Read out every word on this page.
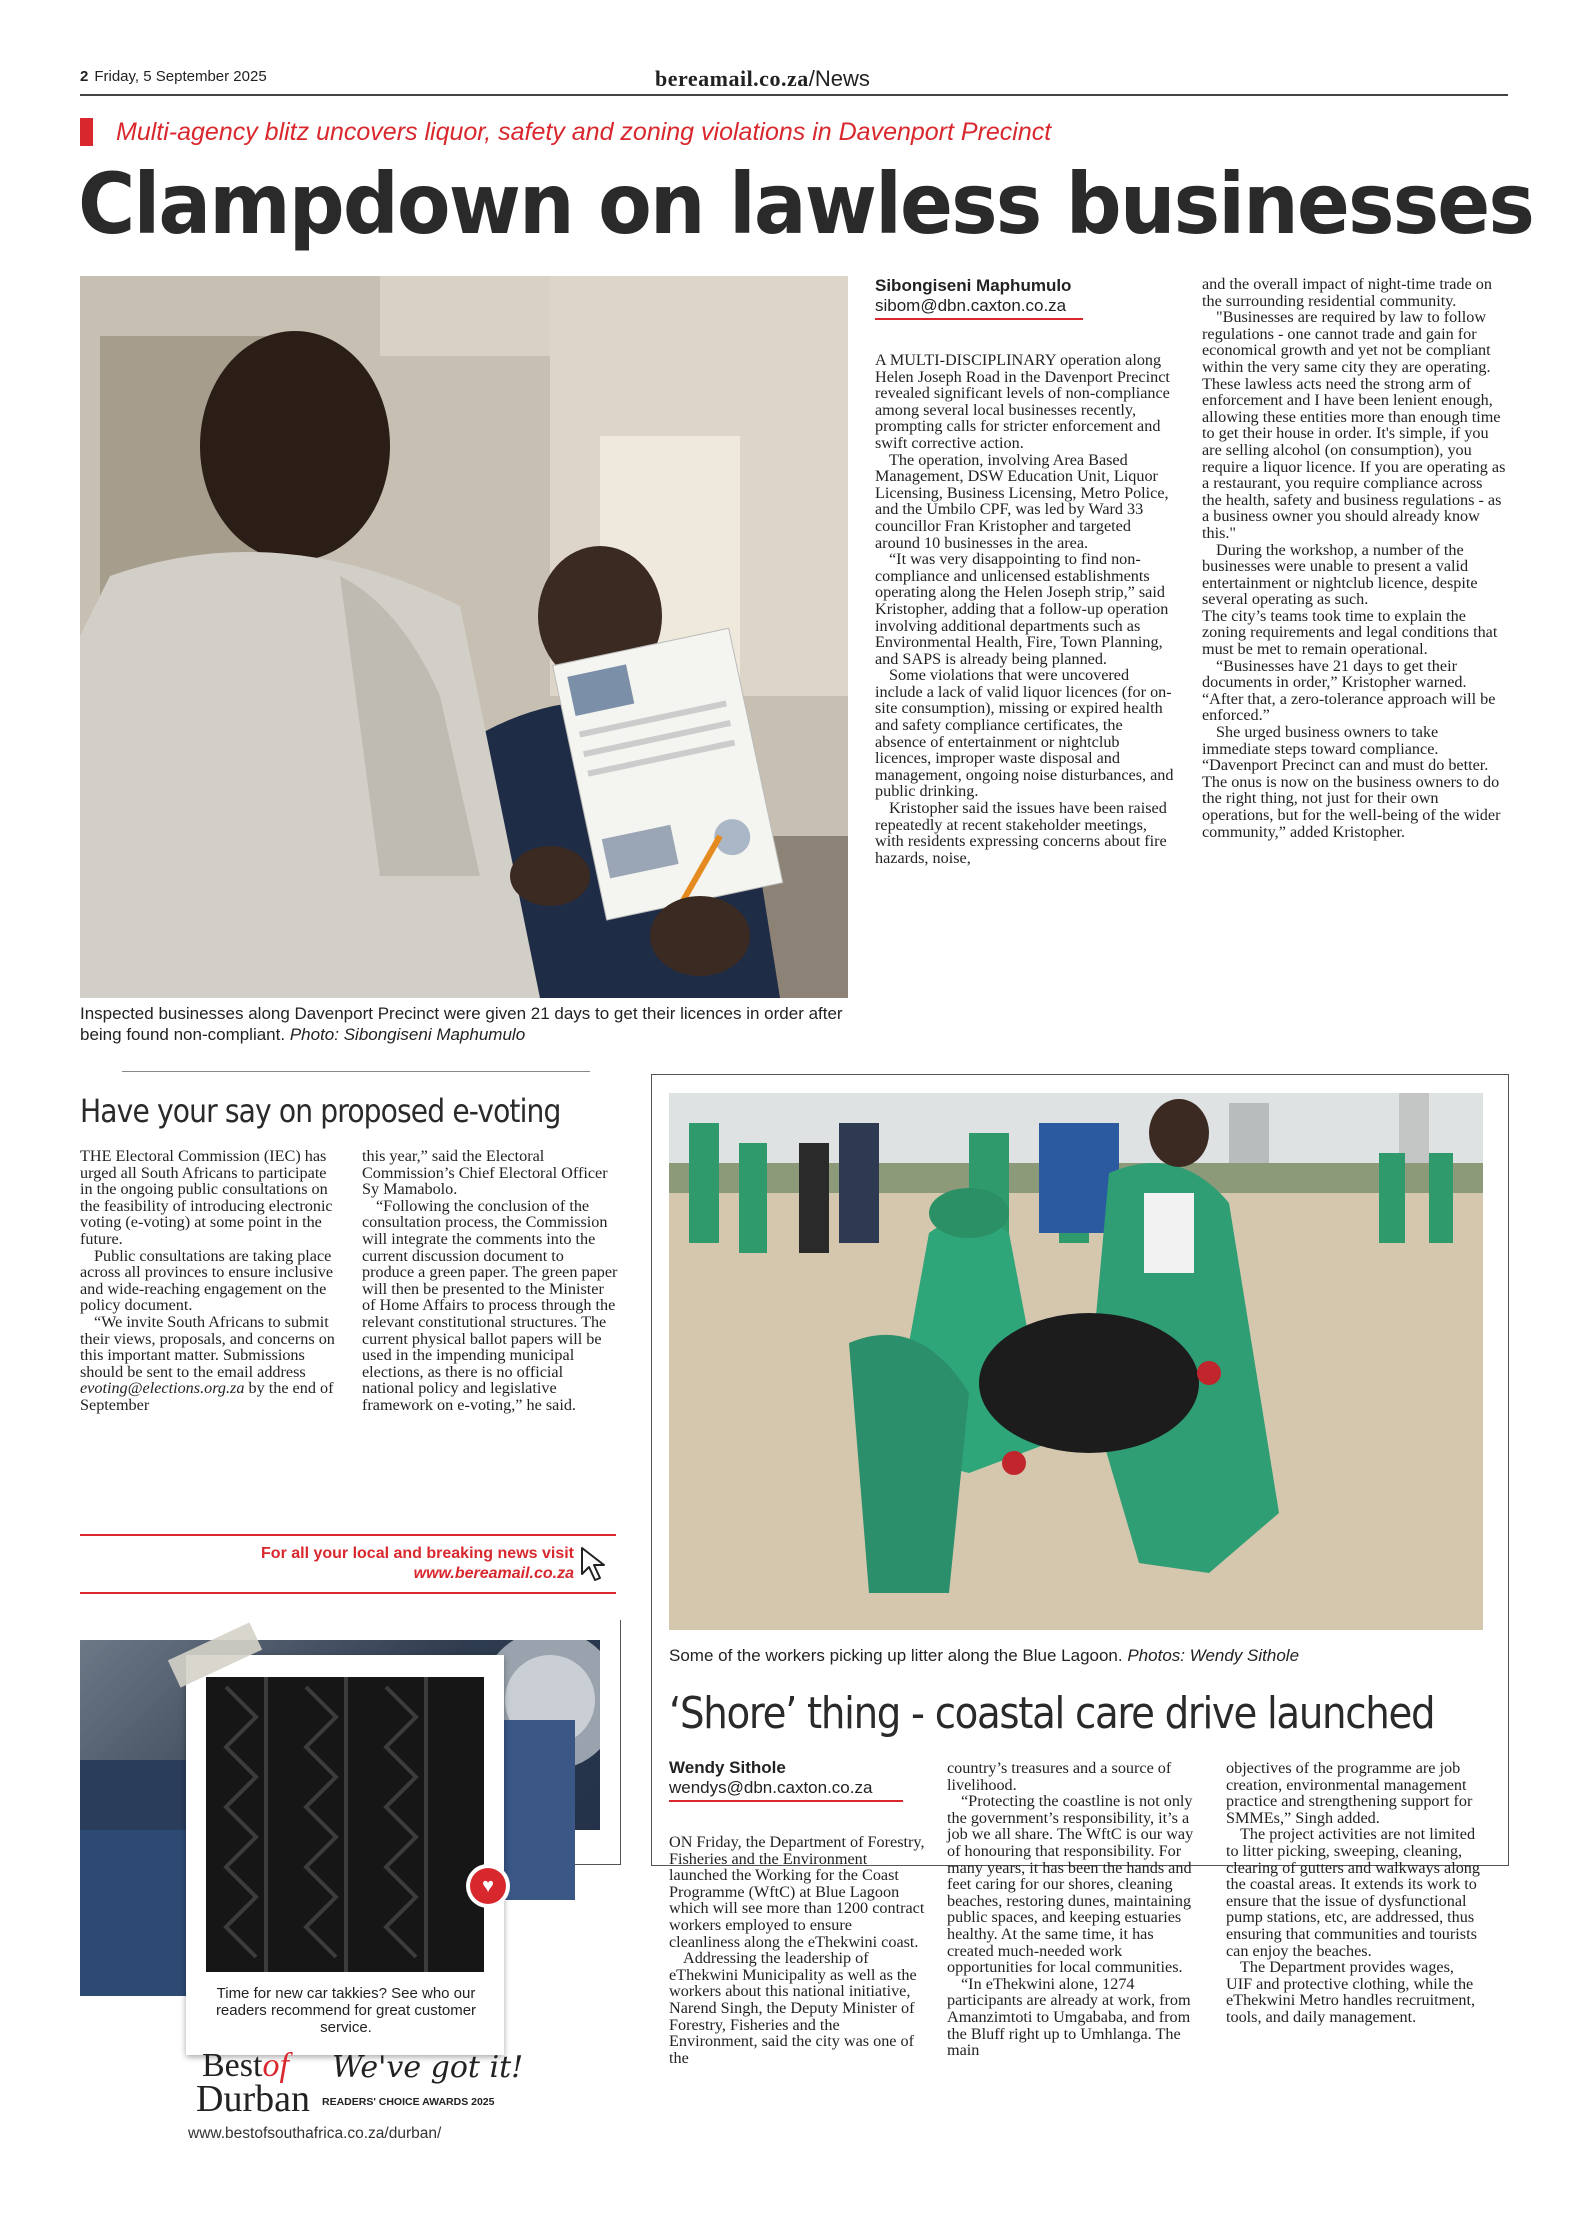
2 Friday, 5 September 2025	bereamail.co.za/News
Multi-agency blitz uncovers liquor, safety and zoning violations in Davenport Precinct
Clampdown on lawless businesses
Inspected businesses along Davenport Precinct were given 21 days to get their licences in order after being found non-compliant. Photo: Sibongiseni Maphumulo
Sibongiseni Maphumulo
sibom@dbn.caxton.co.za

A MULTI-DISCIPLINARY operation along Helen Joseph Road in the Davenport Precinct revealed significant levels of non-compliance among several local businesses recently, prompting calls for stricter enforcement and swift corrective action.

The operation, involving Area Based Management, DSW Education Unit, Liquor Licensing, Business Licensing, Metro Police, and the Umbilo CPF, was led by Ward 33 councillor Fran Kristopher and targeted around 10 businesses in the area.

“It was very disappointing to find non-compliance and unlicensed establishments operating along the Helen Joseph strip,” said Kristopher, adding that a follow-up operation involving additional departments such as Environmental Health, Fire, Town Planning, and SAPS is already being planned.

Some violations that were uncovered include a lack of valid liquor licences (for on-site consumption), missing or expired health and safety compliance certificates, the absence of entertainment or nightclub licences, improper waste disposal and management, ongoing noise disturbances, and public drinking.

Kristopher said the issues have been raised repeatedly at recent stakeholder meetings, with residents expressing concerns about fire hazards, noise,

and the overall impact of night-time trade on the surrounding residential community.

"Businesses are required by law to follow regulations - one cannot trade and gain for economical growth and yet not be compliant within the very same city they are operating. These lawless acts need the strong arm of enforcement and I have been lenient enough, allowing these entities more than enough time to get their house in order. It's simple, if you are selling alcohol (on consumption), you require a liquor licence. If you are operating as a restaurant, you require compliance across the health, safety and business regulations - as a business owner you should already know this."

During the workshop, a number of the businesses were unable to present a valid entertainment or nightclub licence, despite several operating as such.

The city’s teams took time to explain the zoning requirements and legal conditions that must be met to remain operational.

“Businesses have 21 days to get their documents in order,” Kristopher warned. “After that, a zero-tolerance approach will be enforced.”

She urged business owners to take immediate steps toward compliance.

“Davenport Precinct can and must do better. The onus is now on the business owners to do the right thing, not just for their own operations, but for the well-being of the wider community,” added Kristopher.

Have your say on proposed e-voting

THE Electoral Commission (IEC) has urged all South Africans to participate in the ongoing public consultations on the feasibility of introducing electronic voting (e-voting) at some point in the future.

Public consultations are taking place across all provinces to ensure inclusive and wide-reaching engagement on the policy document.

“We invite South Africans to submit their views, proposals, and concerns on this important matter. Submissions should be sent to the email address evoting@elections.org.za by the end of September

this year,” said the Electoral Commission’s Chief Electoral Officer Sy Mamabolo.

“Following the conclusion of the consultation process, the Commission will integrate the comments into the current discussion document to produce a green paper. The green paper will then be presented to the Minister of Home Affairs to process through the relevant constitutional structures. The current physical ballot papers will be used in the impending municipal elections, as there is no official national policy and legislative framework on e-voting,” he said.

For all your local and breaking news visit
www.bereamail.co.za
♥
Time for new car takkies? See who our readers recommend for great customer service.
Bestof
Durban
We've got it!
READERS' CHOICE AWARDS 2025
www.bestofsouthafrica.co.za/durban/
Some of the workers picking up litter along the Blue Lagoon. Photos: Wendy Sithole
‘Shore’ thing - coastal care drive launched
Wendy Sithole
wendys@dbn.caxton.co.za

ON Friday, the Department of Forestry, Fisheries and the Environment launched the Working for the Coast Programme (WftC) at Blue Lagoon which will see more than 1200 contract workers employed to ensure cleanliness along the eThekwini coast.

Addressing the leadership of eThekwini Municipality as well as the workers about this national initiative, Narend Singh, the Deputy Minister of Forestry, Fisheries and the Environment, said the city was one of the

country’s treasures and a source of livelihood.

“Protecting the coastline is not only the government’s responsibility, it’s a job we all share. The WftC is our way of honouring that responsibility. For many years, it has been the hands and feet caring for our shores, cleaning beaches, restoring dunes, maintaining public spaces, and keeping estuaries healthy. At the same time, it has created much-needed work opportunities for local communities.

“In eThekwini alone, 1274 participants are already at work, from Amanzimtoti to Umgababa, and from the Bluff right up to Umhlanga. The main

objectives of the programme are job creation, environmental management practice and strengthening support for SMMEs,” Singh added.

The project activities are not limited to litter picking, sweeping, cleaning, clearing of gutters and walkways along the coastal areas. It extends its work to ensure that the issue of dysfunctional pump stations, etc, are addressed, thus ensuring that communities and tourists can enjoy the beaches.

The Department provides wages, UIF and protective clothing, while the eThekwini Metro handles recruitment, tools, and daily management.
